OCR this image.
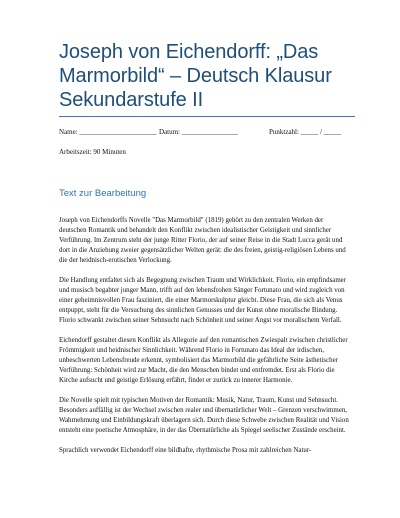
Joseph von Eichendorff: „Das Marmorbild“ – Deutsch Klausur Sekundarstufe II
Name: ______________________ Datum: ________________	Punktzahl: _____ / _____
Arbeitszeit: 90 Minuten
Text zur Bearbeitung

Joseph von Eichendorffs Novelle "Das Marmorbild" (1819) gehört zu den zentralen Werken der deutschen Romantik und behandelt den Konflikt zwischen idealistischer Geistigkeit und sinnlicher Verführung. Im Zentrum steht der junge Ritter Florio, der auf seiner Reise in die Stadt Lucca gerät und dort in die Anziehung zweier gegensätzlicher Welten gerät: die des freien, geistig-religiösen Lebens und die der heidnisch-erotischen Verlockung.

Die Handlung entfaltet sich als Begegnung zwischen Traum und Wirklichkeit. Florio, ein empfindsamer und musisch begabter junger Mann, trifft auf den lebensfrohen Sänger Fortunato und wird zugleich von einer geheimnisvollen Frau fasziniert, die einer Marmorskulptur gleicht. Diese Frau, die sich als Venus entpuppt, steht für die Versuchung des sinnlichen Genusses und der Kunst ohne moralische Bindung. Florio schwankt zwischen seiner Sehnsucht nach Schönheit und seiner Angst vor moralischem Verfall.

Eichendorff gestaltet diesen Konflikt als Allegorie auf den romantischen Zwiespalt zwischen christlicher Frömmigkeit und heidnischer Sinnlichkeit. Während Florio in Fortunato das Ideal der irdischen, unbeschwerten Lebensfreude erkennt, symbolisiert das Marmorbild die gefährliche Seite ästhetischer Verführung: Schönheit wird zur Macht, die den Menschen bindet und entfremdet. Erst als Florio die Kirche aufsucht und geistige Erlösung erfährt, findet er zurück zu innerer Harmonie.

Die Novelle spielt mit typischen Motiven der Romantik: Musik, Natur, Traum, Kunst und Sehnsucht. Besonders auffällig ist der Wechsel zwischen realer und übernatürlicher Welt – Grenzen verschwimmen, Wahrnehmung und Einbildungskraft überlagern sich. Durch diese Schwebe zwischen Realität und Vision entsteht eine poetische Atmosphäre, in der das Übernatürliche als Spiegel seelischer Zustände erscheint.

Sprachlich verwendet Eichendorff eine bildhafte, rhythmische Prosa mit zahlreichen Natur-
